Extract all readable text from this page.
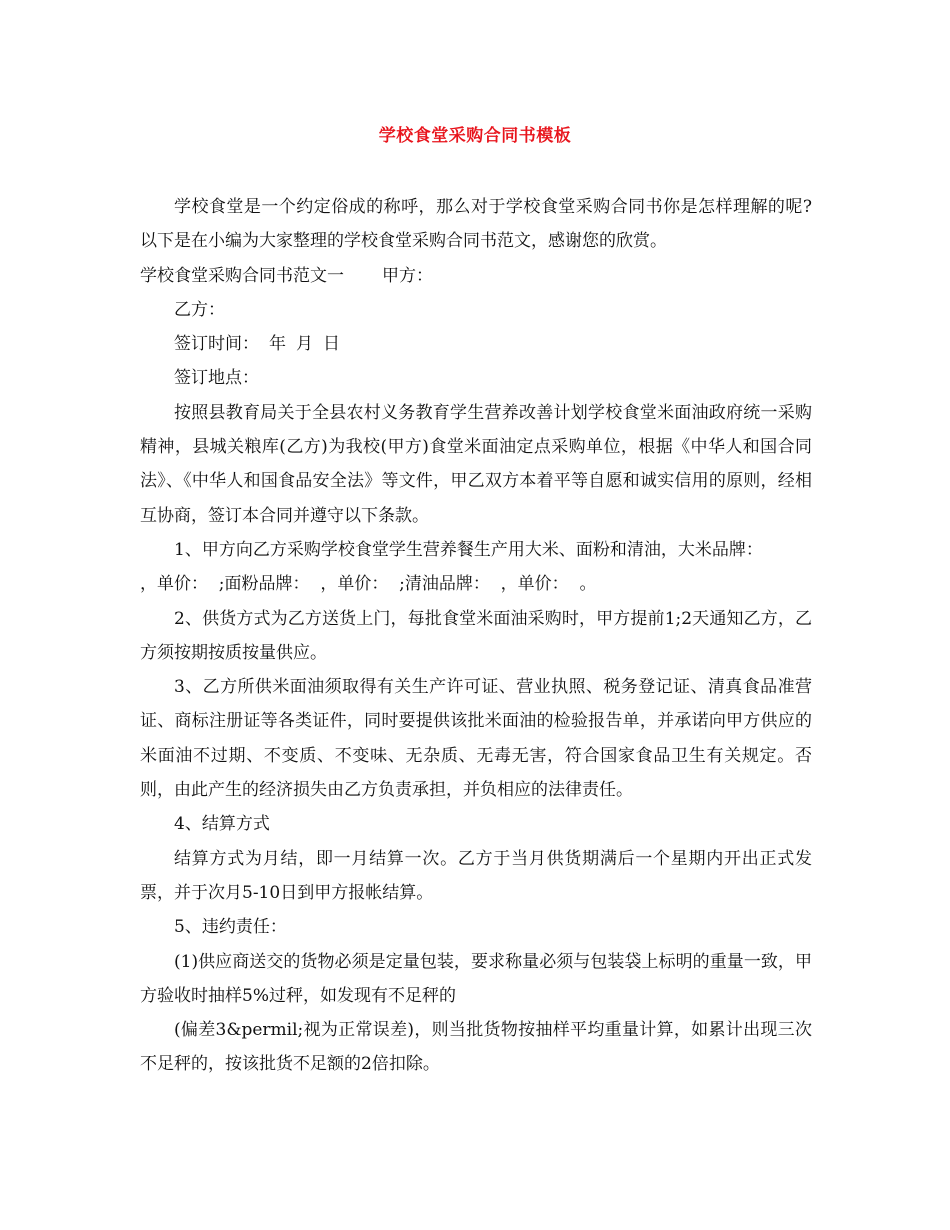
学校食堂采购合同书模板

学校食堂是一个约定俗成的称呼，那么对于学校食堂采购合同书你是怎样理解的呢?以下是在小编为大家整理的学校食堂采购合同书范文，感谢您的欣赏。

学校食堂采购合同书范文一 甲方：

乙方：

签订时间： 年 月 日

签订地点：

按照县教育局关于全县农村义务教育学生营养改善计划学校食堂米面油政府统一采购精神，县城关粮库(乙方)为我校(甲方)食堂米面油定点采购单位，根据《中华人和国合同法》、《中华人和国食品安全法》等文件，甲乙双方本着平等自愿和诚实信用的原则，经相互协商，签订本合同并遵守以下条款。

1、甲方向乙方采购学校食堂学生营养餐生产用大米、面粉和清油，大米品牌：

，单价：  ;面粉品牌：  ，单价：  ;清油品牌：  ，单价：  。

2、供货方式为乙方送货上门，每批食堂米面油采购时，甲方提前1;2天通知乙方，乙方须按期按质按量供应。

3、乙方所供米面油须取得有关生产许可证、营业执照、税务登记证、清真食品准营证、商标注册证等各类证件，同时要提供该批米面油的检验报告单，并承诺向甲方供应的米面油不过期、不变质、不变味、无杂质、无毒无害，符合国家食品卫生有关规定。否则，由此产生的经济损失由乙方负责承担，并负相应的法律责任。

4、结算方式

结算方式为月结，即一月结算一次。乙方于当月供货期满后一个星期内开出正式发票，并于次月5-10日到甲方报帐结算。

5、违约责任：

(1)供应商送交的货物必须是定量包装，要求称量必须与包装袋上标明的重量一致，甲方验收时抽样5%过秤，如发现有不足秤的

(偏差3&permil;视为正常误差)，则当批货物按抽样平均重量计算，如累计出现三次不足秤的，按该批货不足额的2倍扣除。
